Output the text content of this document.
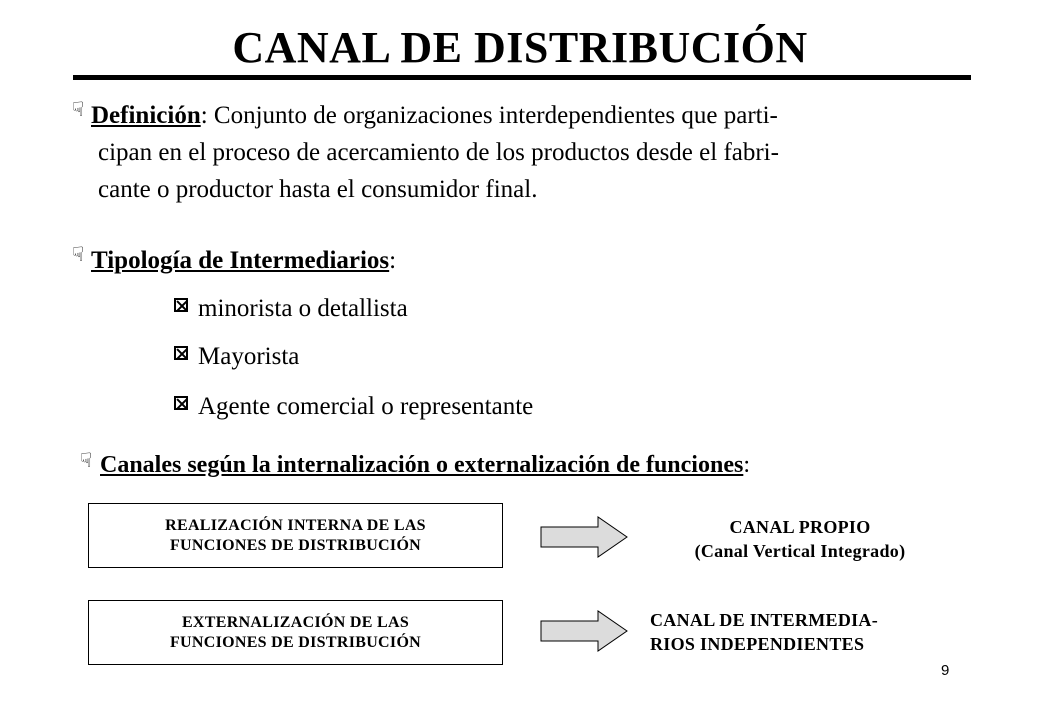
CANAL DE DISTRIBUCIÓN
☟ Definición: Conjunto de organizaciones interdependientes que parti-
cipan en el proceso de acercamiento de los productos desde el fabri-
cante o productor hasta el consumidor final.
☟ Tipología de Intermediarios:
minorista o detallista
Mayorista
Agente comercial o representante
☟ Canales según la internalización o externalización de funciones:
REALIZACIÓN INTERNA DE LAS
FUNCIONES DE DISTRIBUCIÓN
CANAL PROPIO
(Canal Vertical Integrado)
EXTERNALIZACIÓN DE LAS
FUNCIONES DE DISTRIBUCIÓN
CANAL DE INTERMEDIA-
RIOS INDEPENDIENTES
9
